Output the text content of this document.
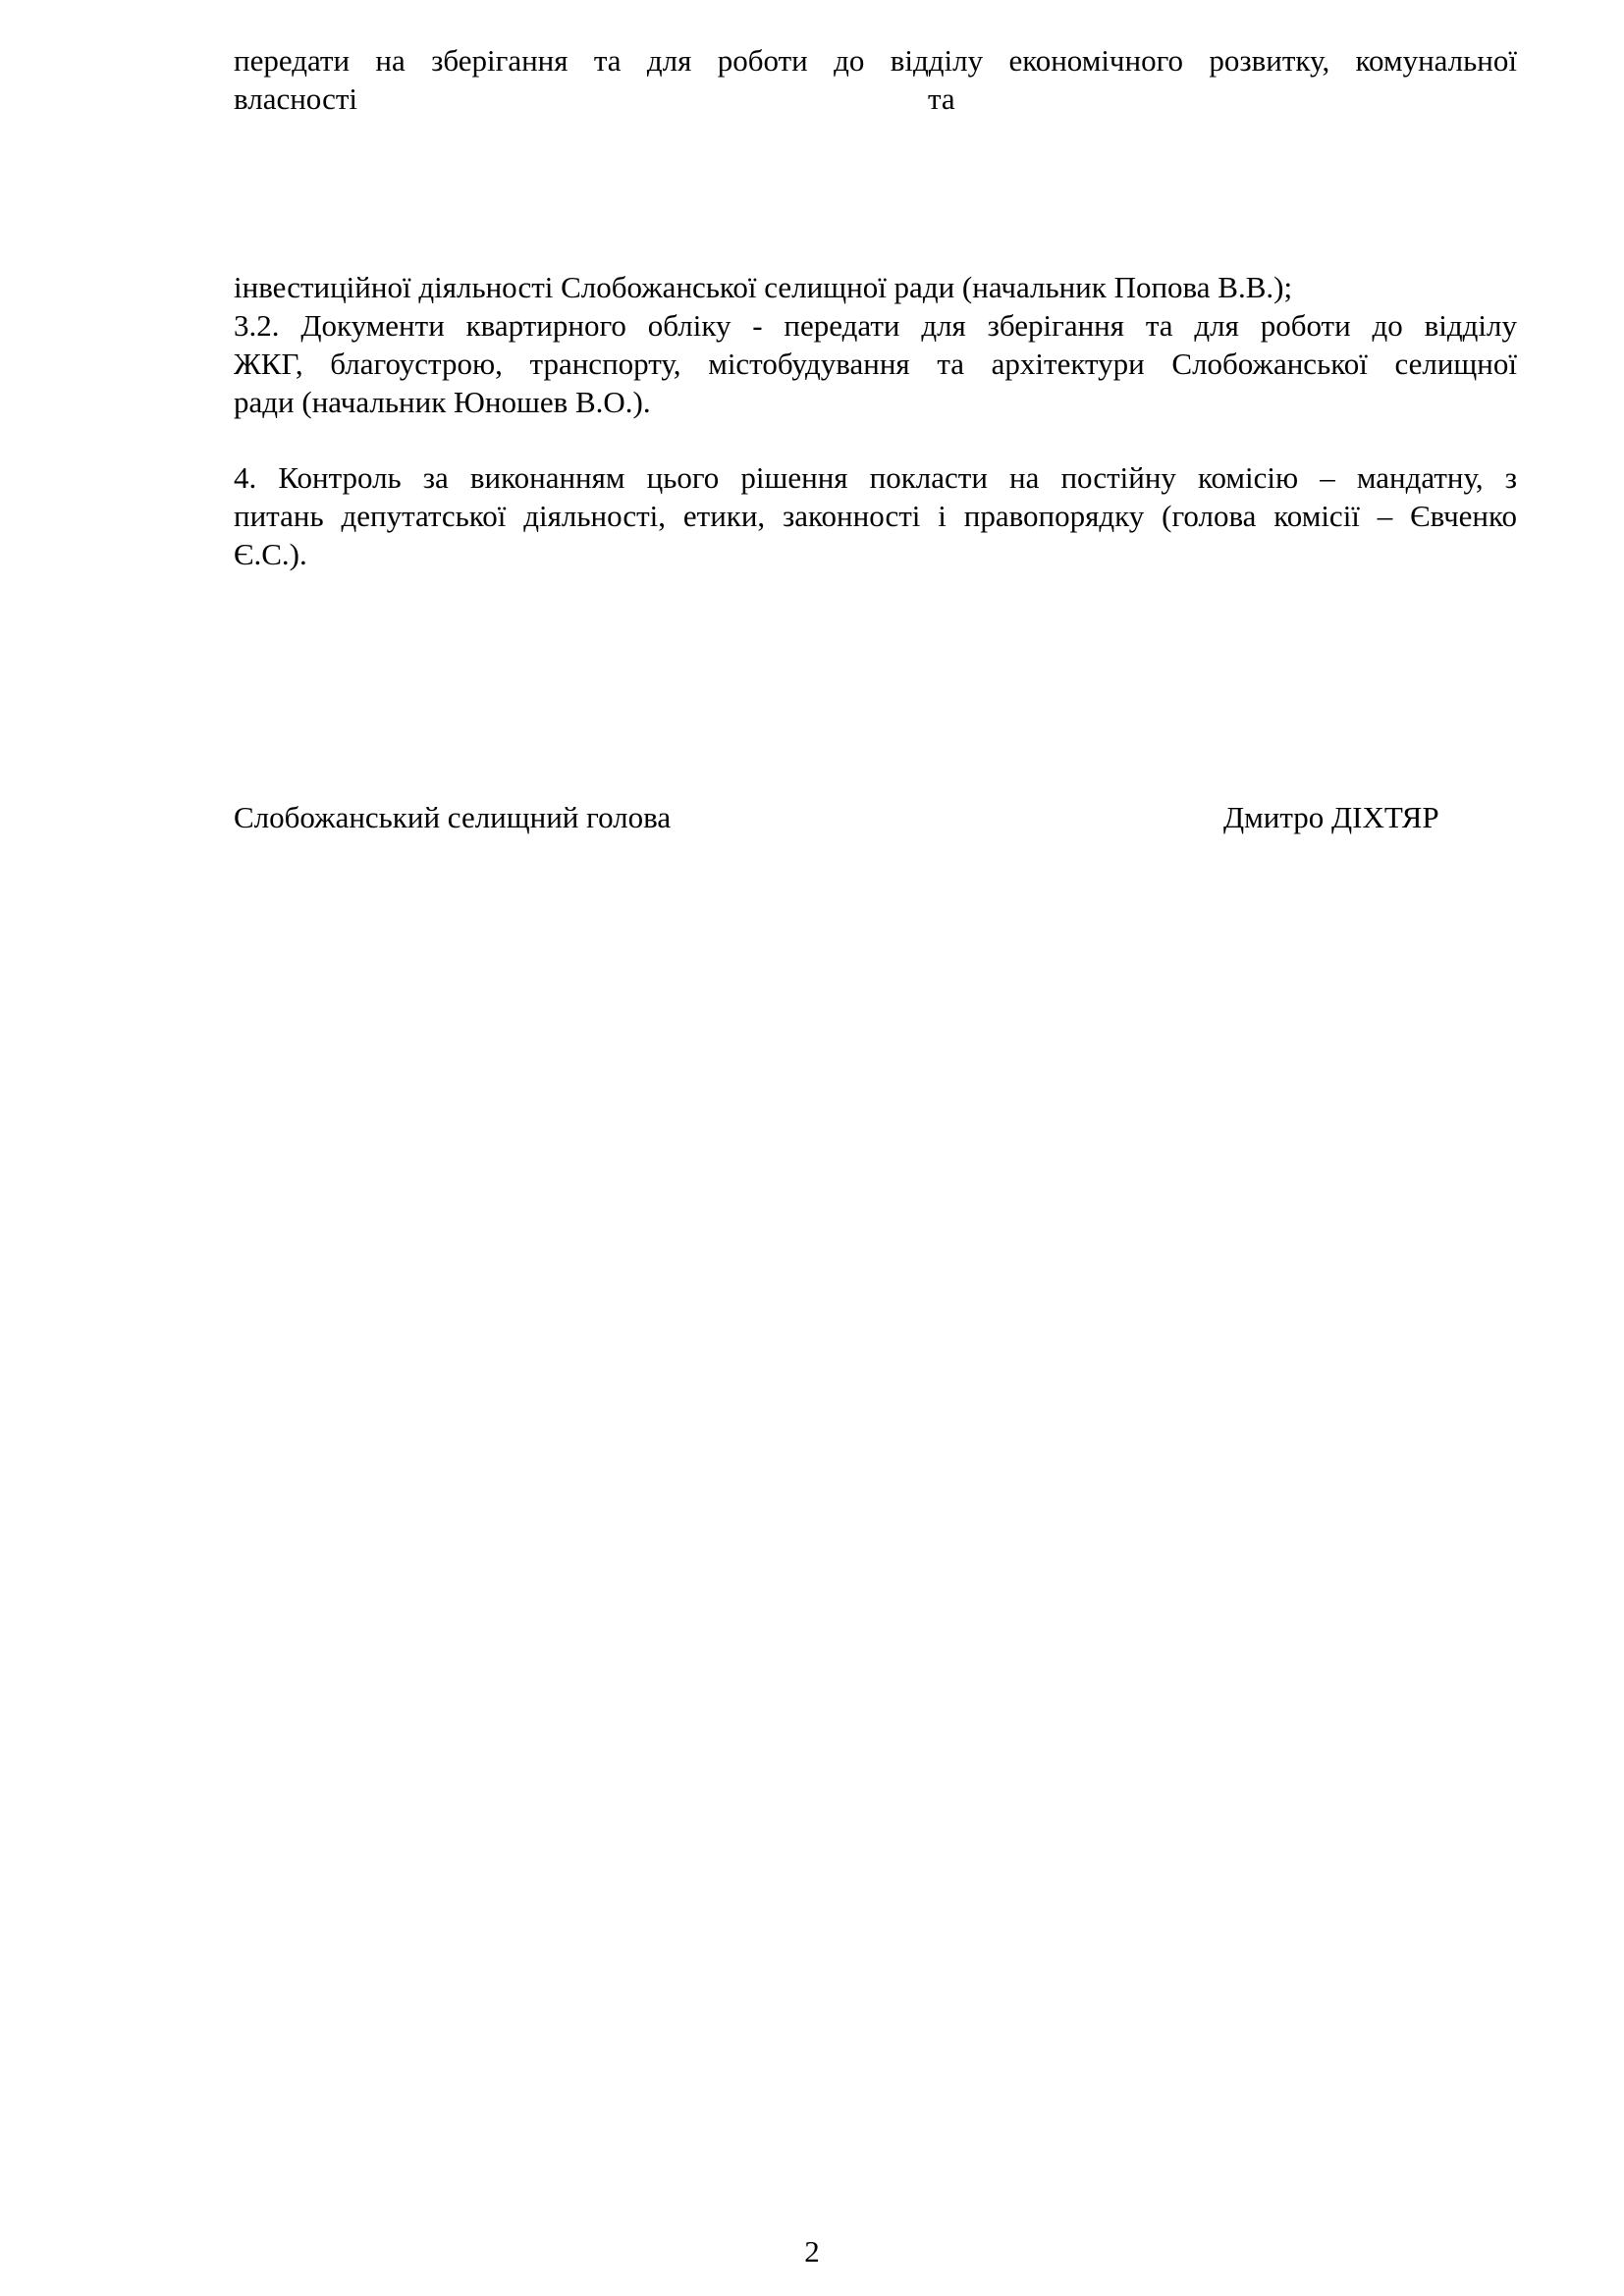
передати на зберігання та для роботи до відділу економічного розвитку, комунальної
власності	та
інвестиційної діяльності Слобожанської селищної ради (начальник Попова В.В.);
3.2. Документи квартирного обліку - передати для зберігання та для роботи до відділу
ЖКГ, благоустрою, транспорту, містобудування та архітектури Слобожанської селищної
ради (начальник Юношев В.О.).
4. Контроль за виконанням цього рішення покласти на постійну комісію – мандатну, з
питань депутатської діяльності, етики, законності і правопорядку (голова комісії – Євченко
Є.С.).
Слобожанський селищний голова	Дмитро ДІХТЯР
2
